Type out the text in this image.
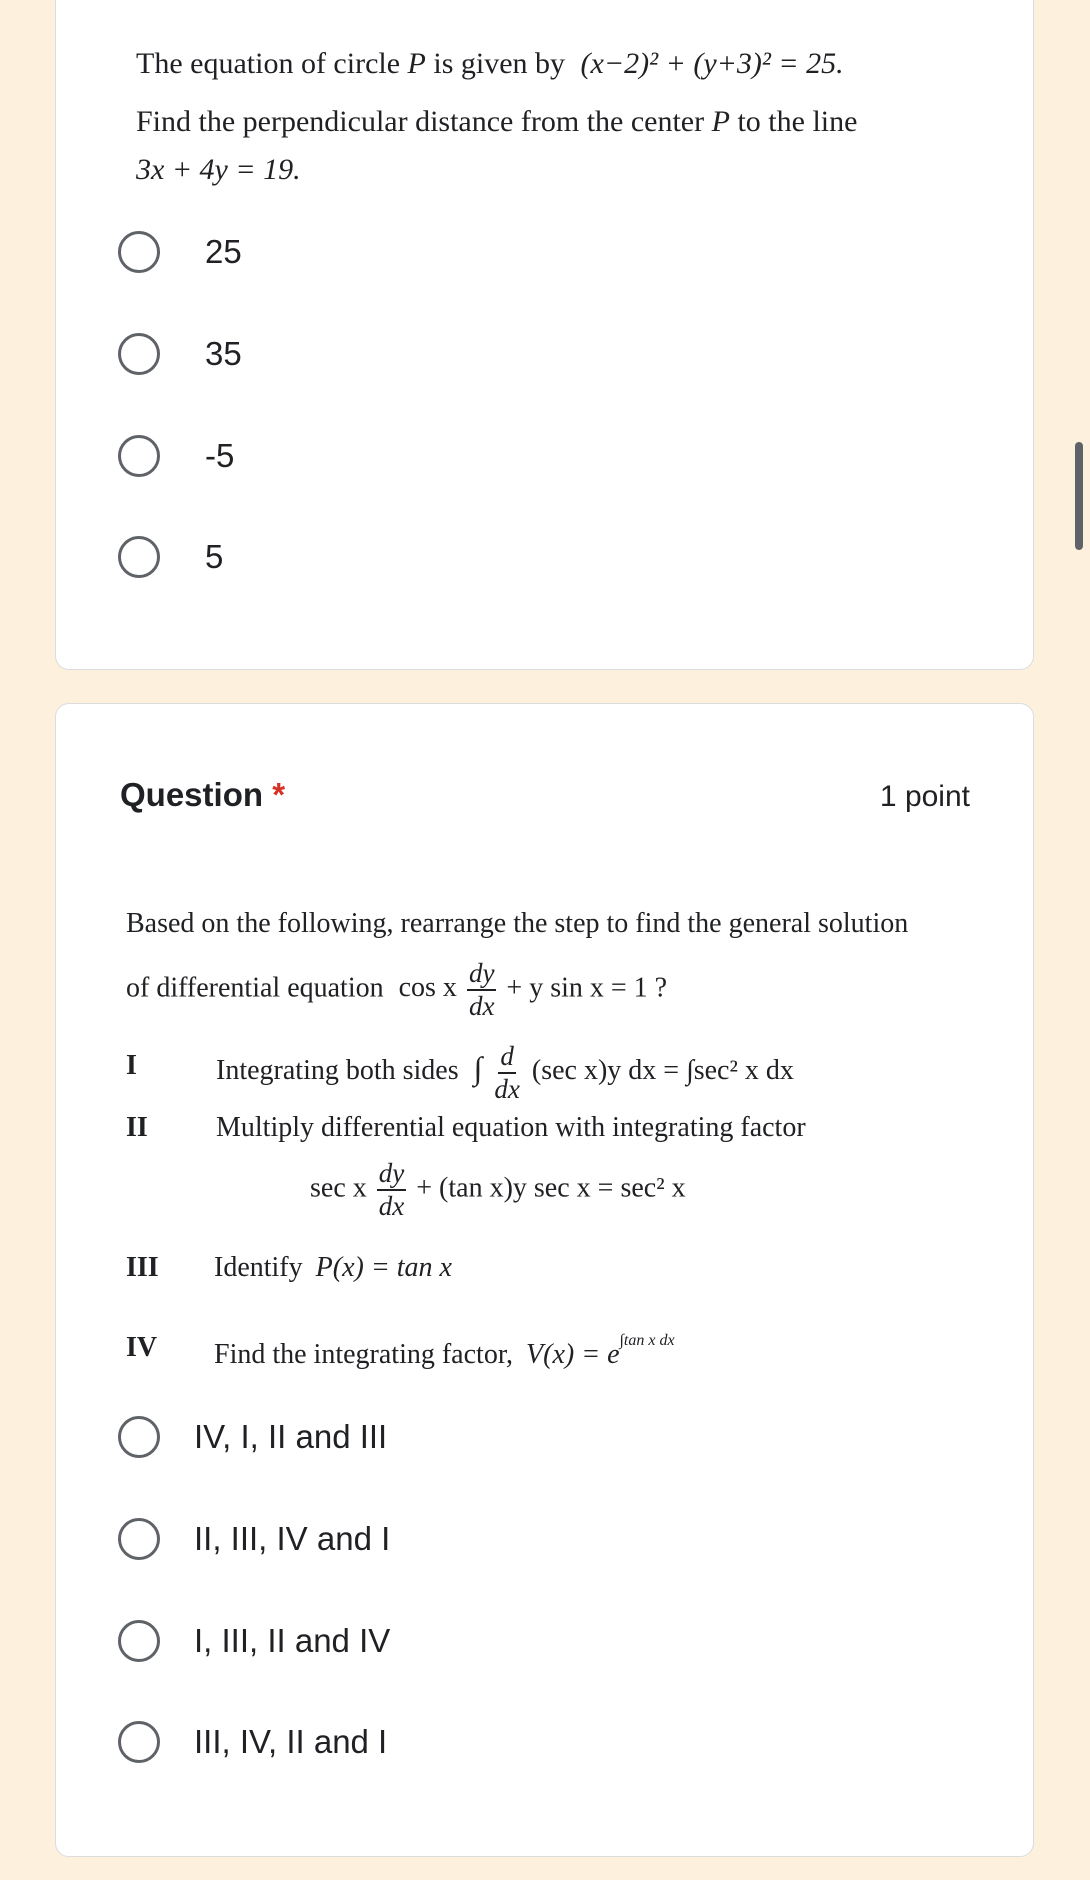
The equation of circle P is given by (x−2)² + (y+3)² = 25.
Find the perpendicular distance from the center P to the line
3x + 4y = 19.
25
35
-5
5
Question *	1 point
Based on the following, rearrange the step to find the general solution
of differential equation cos x $\frac{dy}{dx} + y$ sin x = 1 ?
I	Integrating both sides ∫ $\frac{d}{dx} (\sec$ x)y dx = ∫sec² x dx
II Multiply differential equation with integrating factor
sec x $\frac{dy}{dx} + (\tan$ x)y sec x = sec² x
III Identify P(x) = tan x
IV Find the integrating factor, $V(x) = e^{\int tan x dx}$
IV, I, II and III
II, III, IV and I
I, III, II and IV
III, IV, II and I
